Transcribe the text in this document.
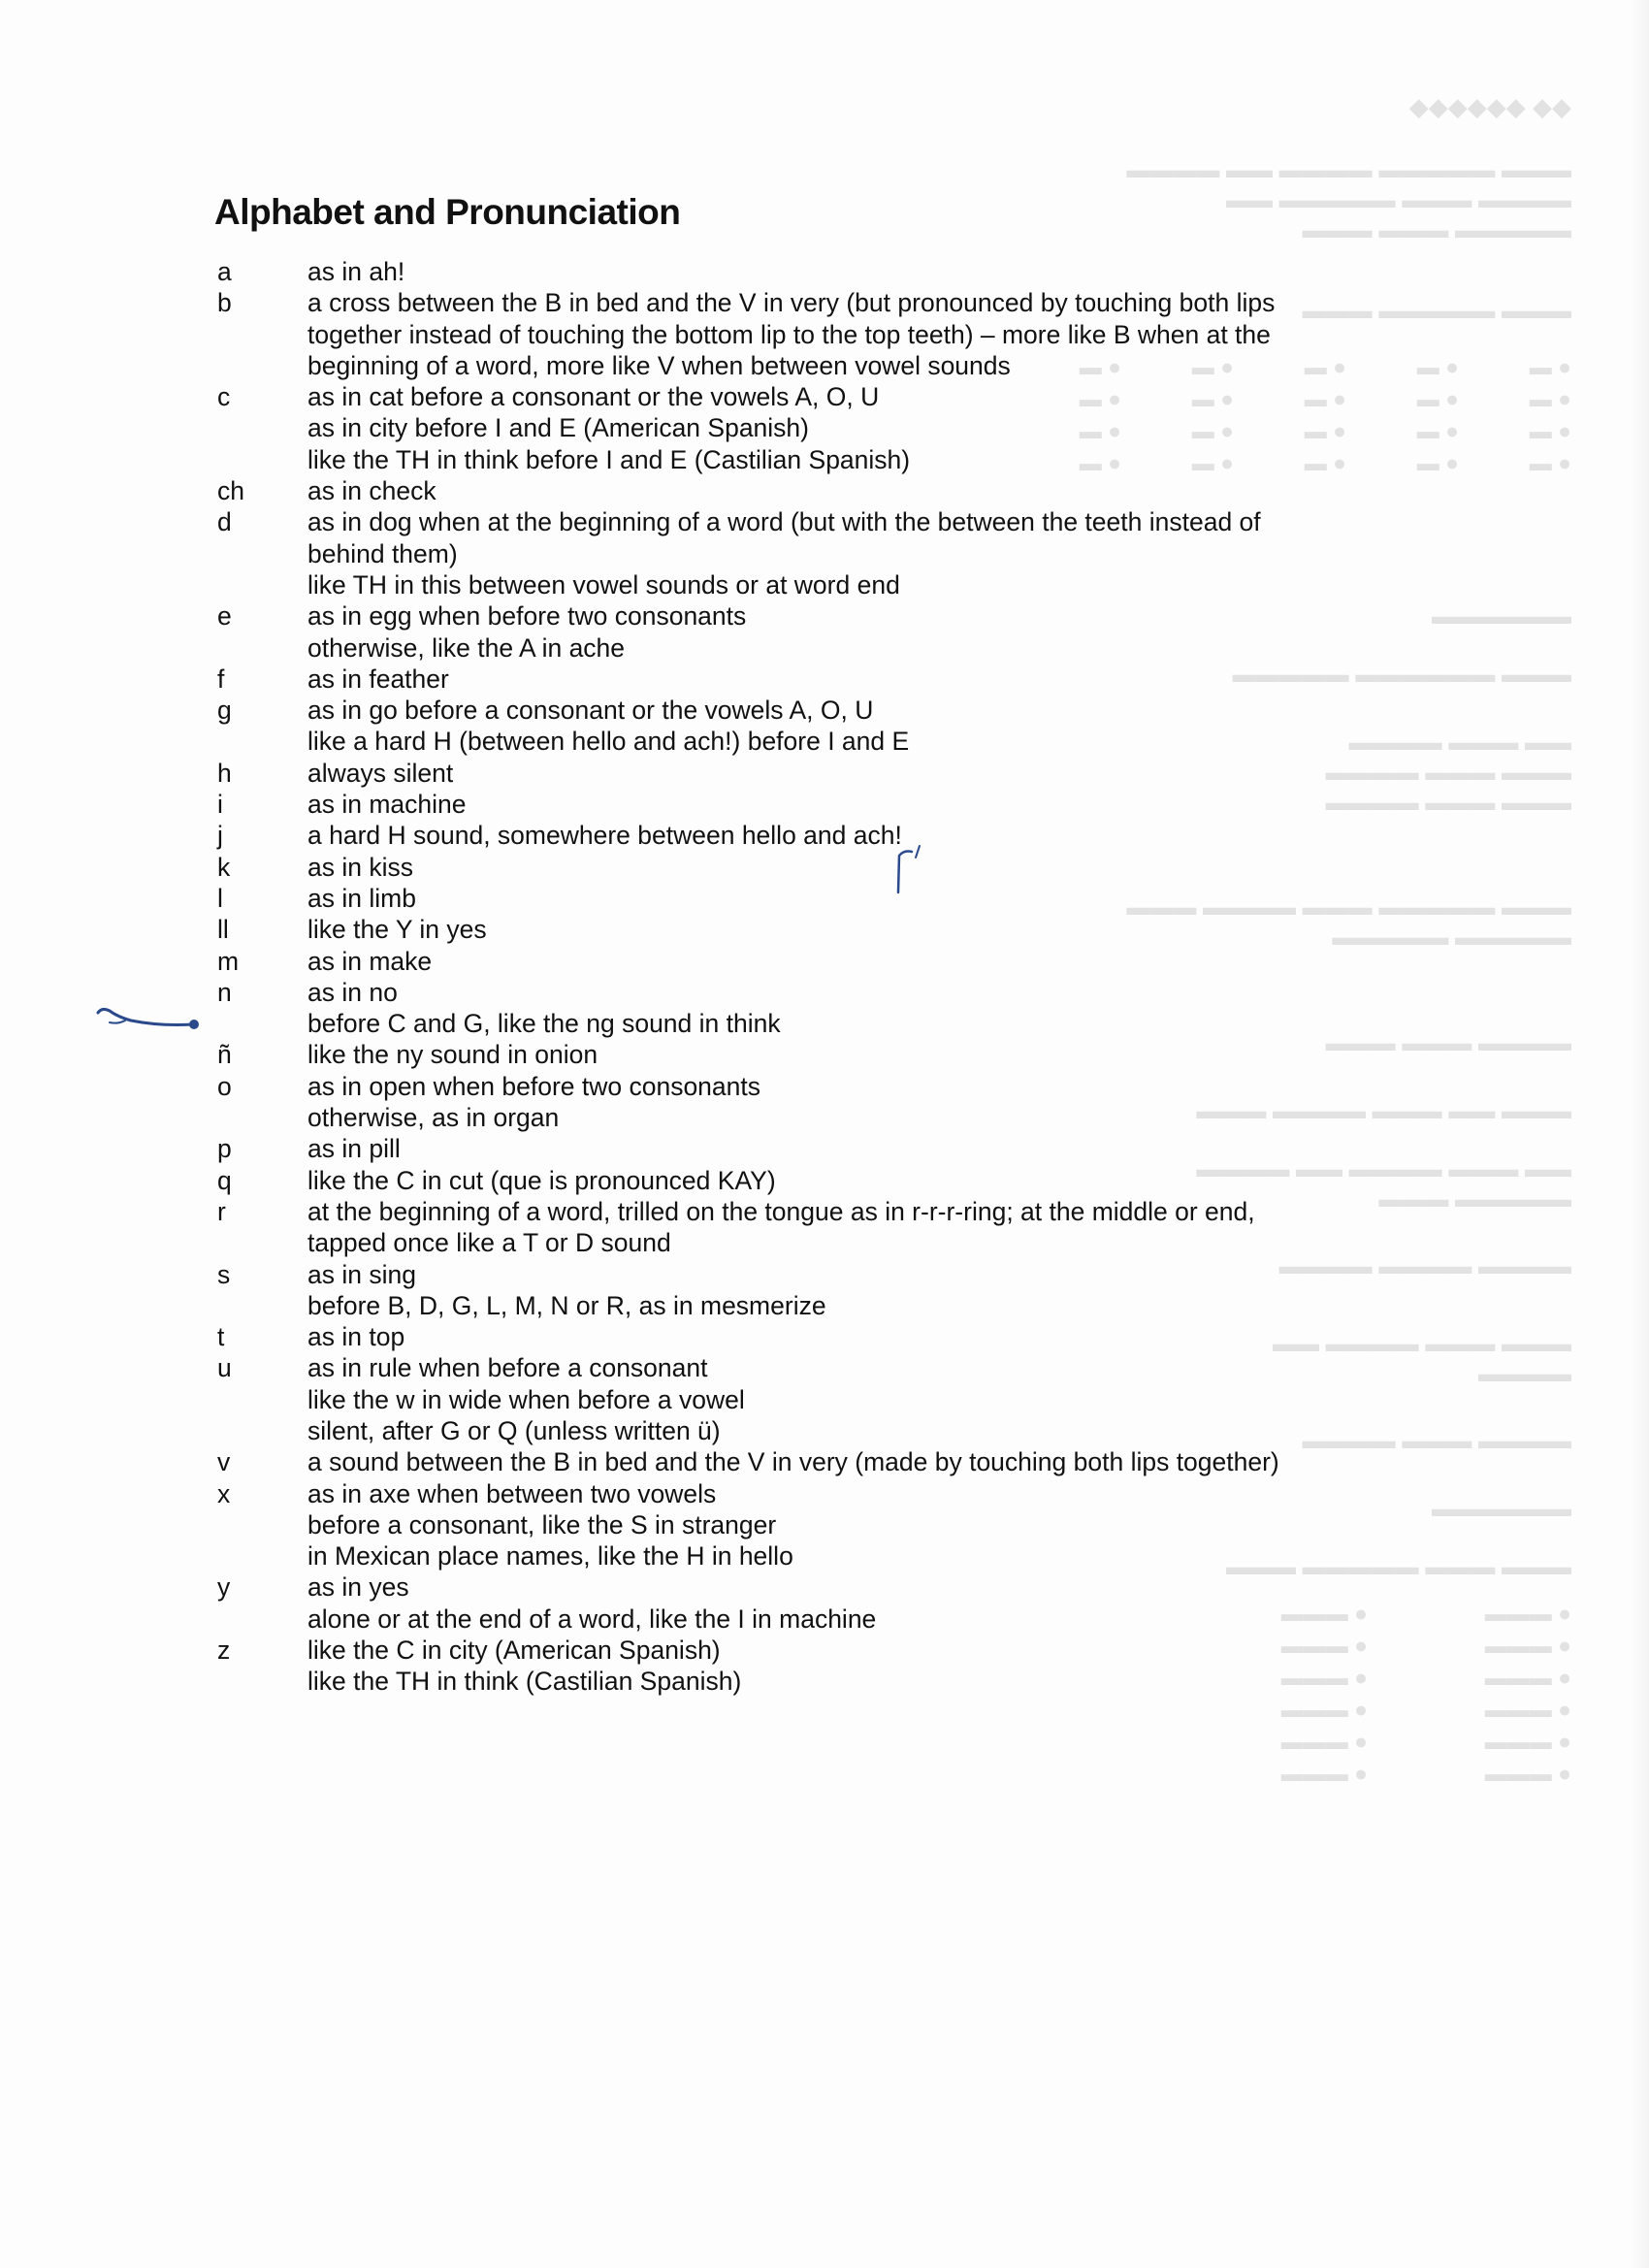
◆◆ ◆◆◆◆◆◆
▬▬▬ ▬▬▬▬▬ ▬▬▬▬ ▬▬ ▬▬▬▬
▬▬▬▬ ▬▬▬ ▬▬▬▬▬ ▬▬
▬▬▬▬▬ ▬▬▬ ▬▬▬
▬▬▬ ▬▬▬▬▬ ▬▬▬
● ▬
● ▬
● ▬
● ▬
● ▬
● ▬
● ▬
● ▬
● ▬
● ▬
● ▬
● ▬
● ▬
● ▬
● ▬
● ▬
● ▬
● ▬
● ▬
● ▬
▬▬▬▬▬▬
▬▬▬ ▬▬▬▬▬▬ ▬▬▬▬▬
▬▬ ▬▬▬ ▬▬▬▬
▬▬▬ ▬▬▬ ▬▬▬▬
▬▬▬ ▬▬▬ ▬▬▬▬
▬▬▬ ▬▬▬▬▬ ▬▬▬ ▬▬▬▬ ▬▬▬
▬▬▬▬▬ ▬▬▬▬▬
▬▬▬▬ ▬▬▬ ▬▬▬
▬▬▬ ▬▬ ▬▬▬ ▬▬▬▬ ▬▬▬
▬▬ ▬▬▬ ▬▬▬▬ ▬▬ ▬▬▬▬
▬▬▬▬▬ ▬▬▬
▬▬▬▬ ▬▬▬▬ ▬▬▬▬
▬▬▬ ▬▬▬ ▬▬▬▬ ▬▬
▬▬▬▬
▬▬▬▬ ▬▬▬ ▬▬▬▬
▬▬▬▬▬▬
▬▬▬ ▬▬▬ ▬▬▬▬▬ ▬▬▬
● ▬▬▬
● ▬▬▬
● ▬▬▬
● ▬▬▬
● ▬▬▬
● ▬▬▬
● ▬▬▬
● ▬▬▬
● ▬▬▬
● ▬▬▬
● ▬▬▬
● ▬▬▬
Alphabet and Pronunciation
a	as in ah!
b	a cross between the B in bed and the V in very (but pronounced by touching both lips
together instead of touching the bottom lip to the top teeth) – more like B when at the
beginning of a word, more like V when between vowel sounds
c	as in cat before a consonant or the vowels A, O, U
as in city before I and E (American Spanish)
like the TH in think before I and E (Castilian Spanish)
ch	as in check
d	as in dog when at the beginning of a word (but with the between the teeth instead of
behind them)
like TH in this between vowel sounds or at word end
e	as in egg when before two consonants
otherwise, like the A in ache
f	as in feather
g	as in go before a consonant or the vowels A, O, U
like a hard H (between hello and ach!) before I and E
h	always silent
i	as in machine
j	a hard H sound, somewhere between hello and ach!
k	as in kiss
l	as in limb
ll	like the Y in yes
m	as in make
n	as in no
before C and G, like the ng sound in think
ñ	like the ny sound in onion
o	as in open when before two consonants
otherwise, as in organ
p	as in pill
q	like the C in cut (que is pronounced KAY)
r	at the beginning of a word, trilled on the tongue as in r-r-r-ring; at the middle or end,
tapped once like a T or D sound
s	as in sing
before B, D, G, L, M, N or R, as in mesmerize
t	as in top
u	as in rule when before a consonant
like the w in wide when before a vowel
silent, after G or Q (unless written ü)
v	a sound between the B in bed and the V in very (made by touching both lips together)
x	as in axe when between two vowels
before a consonant, like the S in stranger
in Mexican place names, like the H in hello
y	as in yes
alone or at the end of a word, like the I in machine
z	like the C in city (American Spanish)
like the TH in think (Castilian Spanish)
